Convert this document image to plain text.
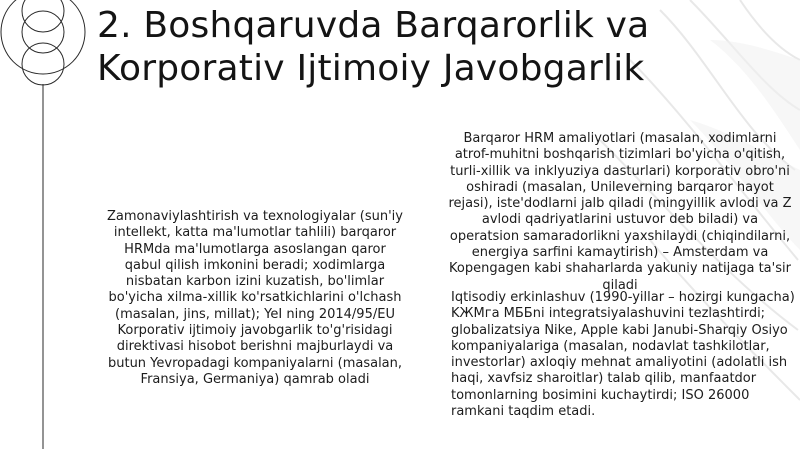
2. Boshqaruvda Barqarorlik va Korporativ Ijtimoiy Javobgarlik

Zamonaviylashtirish va texnologiyalar (sun'iy intellekt, katta ma'lumotlar tahlili) barqaror HRMda ma'lumotlarga asoslangan qaror qabul qilish imkonini beradi; xodimlarga nisbatan karbon izini kuzatish, bo'limlar bo'yicha xilma-xillik ko'rsatkichlarini o'lchash (masalan, jins, millat); YeI ning 2014/95/EU Korporativ ijtimoiy javobgarlik to'g'risidagi direktivasi hisobot berishni majburlaydi va butun Yevropadagi kompaniyalarni (masalan, Fransiya, Germaniya) qamrab oladi

Barqaror HRM amaliyotlari (masalan, xodimlarni atrof-muhitni boshqarish tizimlari bo'yicha o'qitish, turli-xillik va inklyuziya dasturlari) korporativ obro'ni oshiradi (masalan, Unileverning barqaror hayot rejasi), iste'dodlarni jalb qiladi (mingyillik avlodi va Z avlodi qadriyatlarini ustuvor deb biladi) va operatsion samaradorlikni yaxshilaydi (chiqindilarni, energiya sarfini kamaytirish) – Amsterdam va Kopengagen kabi shaharlarda yakuniy natijaga ta'sir qiladi

Iqtisodiy erkinlashuv (1990-yillar – hozirgi kungacha) KЖМга МББni integratsiyalashuvini tezlashtirdi; globalizatsiya Nike, Apple kabi Janubi-Sharqiy Osiyo kompaniyalariga (masalan, nodavlat tashkilotlar, investorlar) axloqiy mehnat amaliyotini (adolatli ish haqi, xavfsiz sharoitlar) talab qilib, manfaatdor tomonlarning bosimini kuchaytirdi; ISO 26000 ramkani taqdim etadi.
